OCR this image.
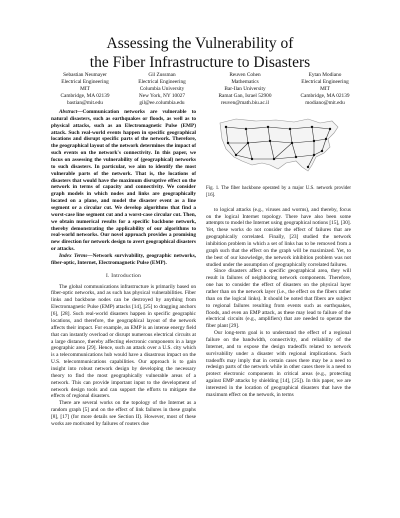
Assessing the Vulnerability of
the Fiber Infrastructure to Disasters
Sebastian Neumayer
Electrical Engineering
MIT
Cambridge, MA 02139
bastian@mit.edu
Gil Zussman
Electrical Engineering
Columbia University
New York, NY 10027
gil@ee.columbia.edu
Reuven Cohen
Mathematics
Bar-Ilan University
Ramat Gan, Israel 52900
reuven@math.biu.ac.il
Eytan Modiano
Electrical Engineering
MIT
Cambridge, MA 02139
modiano@mit.edu

Abstract—Communication networks are vulnerable to natural disasters, such as earthquakes or floods, as well as to physical attacks, such as an Electromagnetic Pulse (EMP) attack. Such real-world events happen in specific geographical locations and disrupt specific parts of the network. Therefore, the geographical layout of the network determines the impact of such events on the network's connectivity. In this paper, we focus on assessing the vulnerability of (geographical) networks to such disasters. In particular, we aim to identify the most vulnerable parts of the network. That is, the locations of disasters that would have the maximum disruptive effect on the network in terms of capacity and connectivity. We consider graph models in which nodes and links are geographically located on a plane, and model the disaster event as a line segment or a circular cut. We develop algorithms that find a worst-case line segment cut and a worst-case circular cut. Then, we obtain numerical results for a specific backbone network, thereby demonstrating the applicability of our algorithms to real-world networks. Our novel approach provides a promising new direction for network design to avert geographical disasters or attacks.

Index Terms—Network survivability, geographic networks, fiber-optic, Internet, Electromagnetic Pulse (EMP).

I. Introduction

The global communications infrastructure is primarily based on fiber-optic networks, and as such has physical vulnerabilities. Fiber links and backbone nodes can be destroyed by anything from Electromagnetic Pulse (EMP) attacks [14], [25] to dragging anchors [6], [28]. Such real-world disasters happen in specific geographic locations, and therefore, the geographical layout of the network affects their impact. For example, an EMP is an intense energy field that can instantly overload or disrupt numerous electrical circuits at a large distance, thereby affecting electronic components in a large geographic area [29]. Hence, such an attack over a U.S. city which is a telecommunications hub would have a disastrous impact on the U.S. telecommunications capabilities. Our approach is to gain insight into robust network design by developing the necessary theory to find the most geographically vulnerable areas of a network. This can provide important input to the development of network design tools and can support the efforts to mitigate the effects of regional disasters.

There are several works on the topology of the Internet as a random graph [5] and on the effect of link failures in these graphs [8], [17] (for more details see Section II). However, most of these works are motivated by failures of routers due

Fig. 1. The fiber backbone operated by a major U.S. network provider [16].

to logical attacks (e.g., viruses and worms), and thereby, focus on the logical Internet topology. There have also been some attempts to model the Internet using geographical notions [15], [30]. Yet, these works do not consider the effect of failures that are geographically correlated. Finally, [23] studied the network inhibition problem in which a set of links has to be removed from a graph such that the effect on the graph will be maximized. Yet, to the best of our knowledge, the network inhibition problem was not studied under the assumption of geographically correlated failures.

Since disasters affect a specific geographical area, they will result in failures of neighboring network components. Therefore, one has to consider the effect of disasters on the physical layer rather than on the network layer (i.e., the effect on the fibers rather than on the logical links). It should be noted that fibers are subject to regional failures resulting from events such as earthquakes, floods, and even an EMP attack, as these may lead to failure of the electrical circuits (e.g., amplifiers) that are needed to operate the fiber plant [29].

Our long-term goal is to understand the effect of a regional failure on the bandwidth, connectivity, and reliability of the Internet, and to expose the design tradeoffs related to network survivability under a disaster with regional implications. Such tradeoffs may imply that in certain cases there may be a need to redesign parts of the network while in other cases there is a need to protect electronic components in critical areas (e.g., protecting against EMP attacks by shielding [14], [25]). In this paper, we are interested in the location of geographical disasters that have the maximum effect on the network, in terms
